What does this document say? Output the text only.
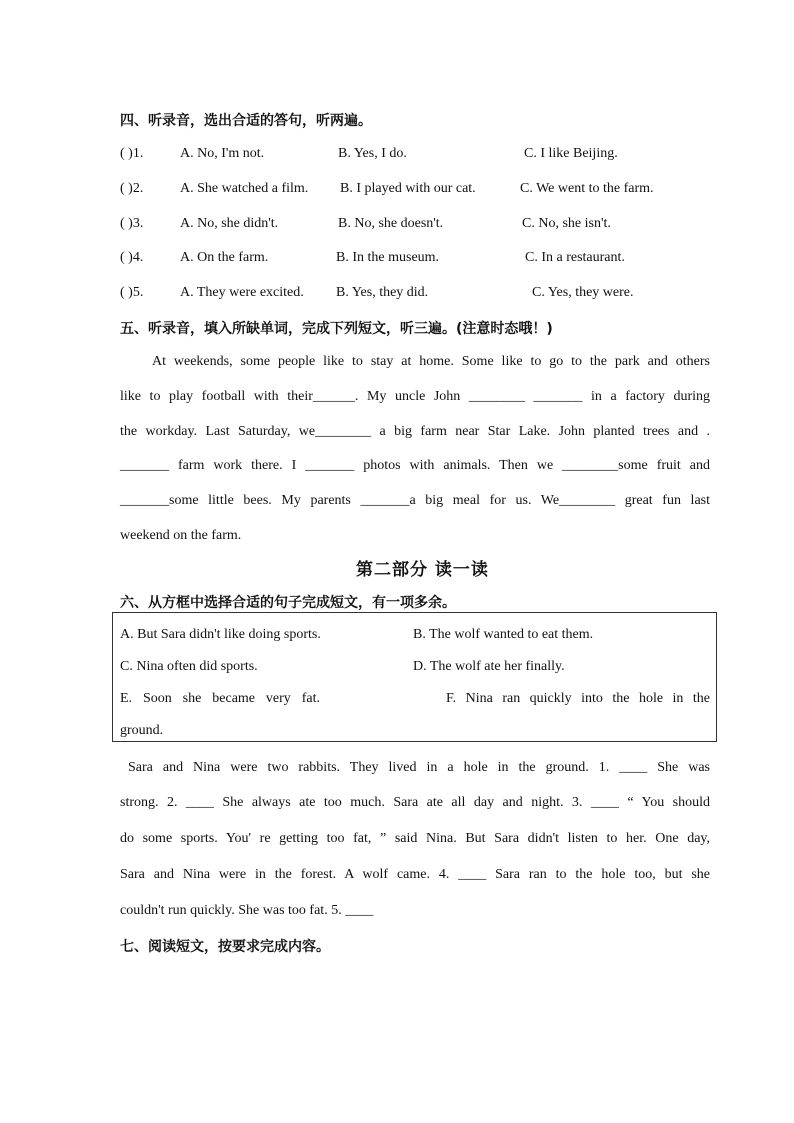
四、听录音，选出合适的答句，听两遍。
( )1.	A. No, I'm not.	B. Yes, I do.	C. I like Beijing.
( )2.	A. She watched a film. B. I played with our cat.	C. We went to the farm.
( )3.	A. No, she didn't.	B. No, she doesn't.	C. No, she isn't.
( )4.	A. On the farm.	B. In the museum.	C. In a restaurant.
( )5.	A. They were excited. B. Yes, they did.	C. Yes, they were.
五、听录音，填入所缺单词，完成下列短文，听三遍。(注意时态哦！)
At weekends, some people like to stay at home. Some like to go to the park and others
like to play football with their______. My uncle John ________ _______ in a factory during
the workday. Last Saturday, we________ a big farm near Star Lake. John planted trees and .
_______ farm work there. I _______ photos with animals. Then we ________some fruit and
_______some little bees. My parents _______a big meal for us. We________ great fun last
weekend on the farm.
第二部分 读一读
六、从方框中选择合适的句子完成短文，有一项多余。
A. But Sara didn't like doing sports.	B. The wolf wanted to eat them.
C. Nina often did sports.	D. The wolf ate her finally.
E. Soon she became very fat.	F. Nina ran quickly into the hole in the
ground.
Sara and Nina were two rabbits. They lived in a hole in the ground. 1. ____ She was
strong. 2. ____ She always ate too much. Sara ate all day and night. 3. ____ “ You should
do some sports. You' re getting too fat, ” said Nina. But Sara didn't listen to her. One day,
Sara and Nina were in the forest. A wolf came. 4. ____ Sara ran to the hole too, but she
couldn't run quickly. She was too fat. 5. ____
七、阅读短文，按要求完成内容。
